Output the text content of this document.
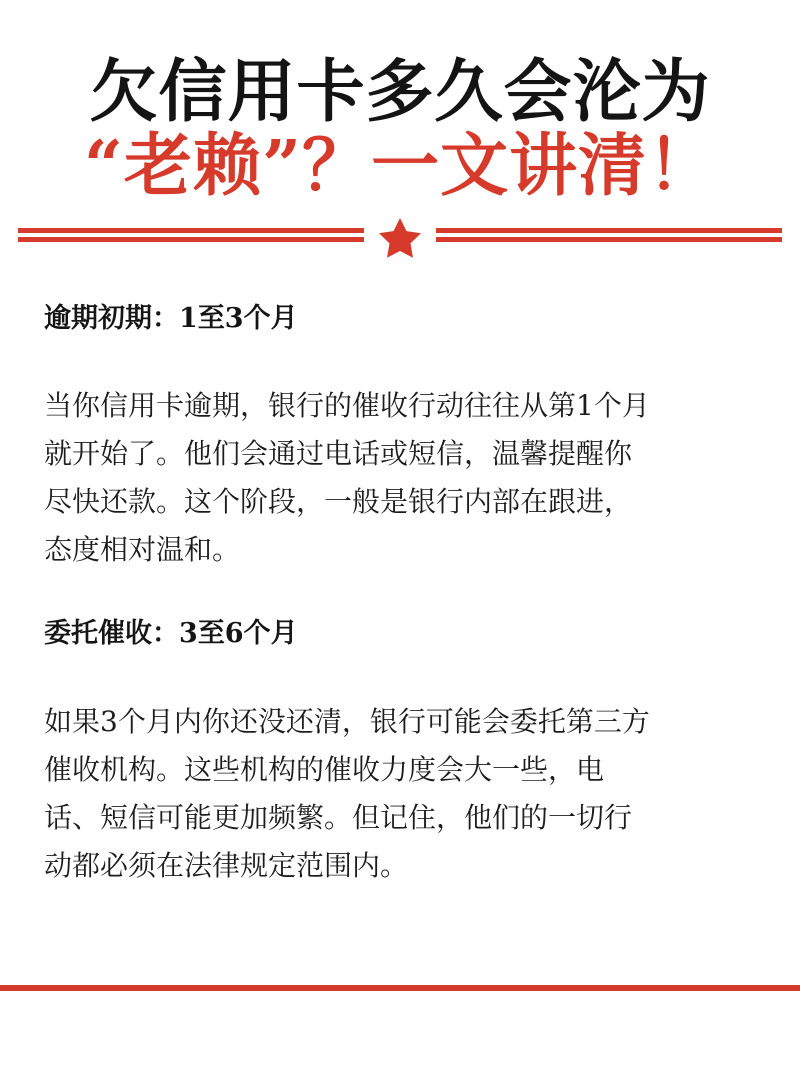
欠信用卡多久会沦为
“老赖”？一文讲清！
逾期初期：1至3个月
当你信用卡逾期，银行的催收行动往往从第1个月
就开始了。他们会通过电话或短信，温馨提醒你
尽快还款。这个阶段，一般是银行内部在跟进，
态度相对温和。
委托催收：3至6个月
如果3个月内你还没还清，银行可能会委托第三方
催收机构。这些机构的催收力度会大一些，电
话、短信可能更加频繁。但记住，他们的一切行
动都必须在法律规定范围内。
